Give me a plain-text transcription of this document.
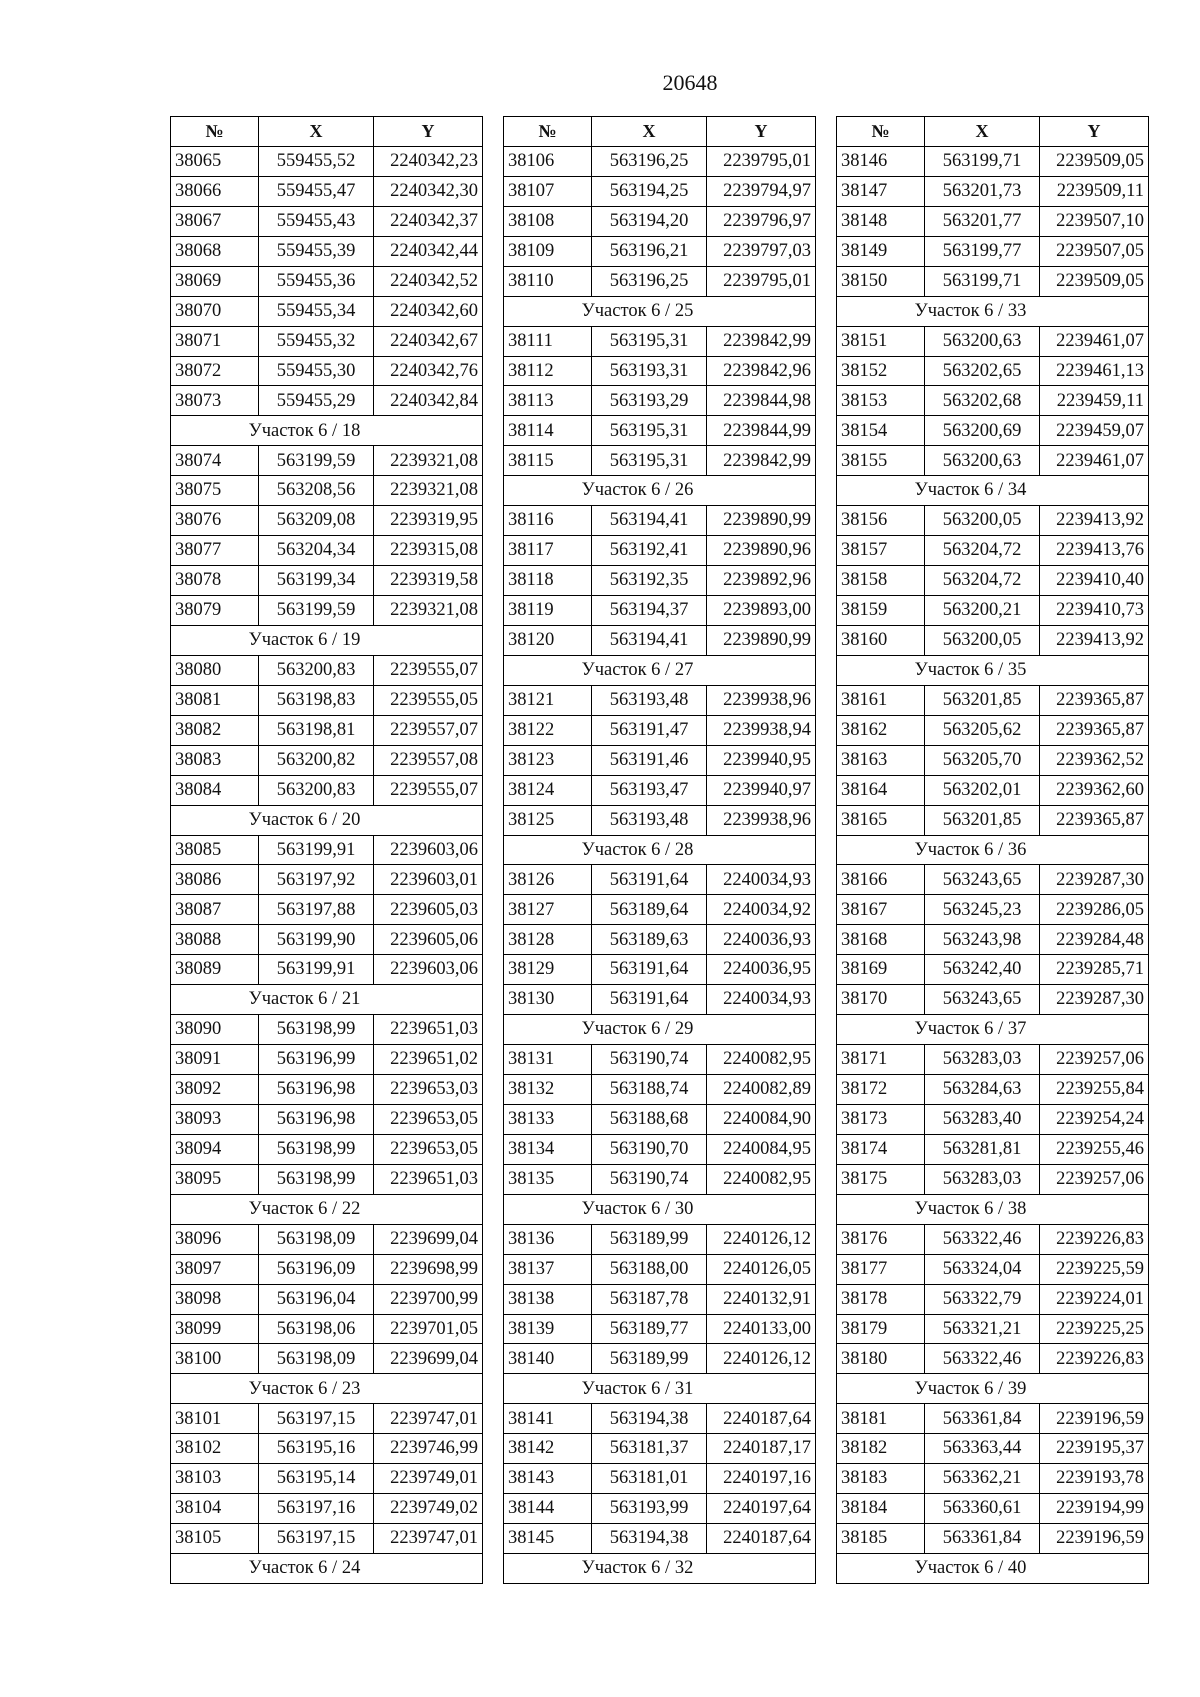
20648
№	X	Y
38065	559455,52	2240342,23
38066	559455,47	2240342,30
38067	559455,43	2240342,37
38068	559455,39	2240342,44
38069	559455,36	2240342,52
38070	559455,34	2240342,60
38071	559455,32	2240342,67
38072	559455,30	2240342,76
38073	559455,29	2240342,84
Участок 6 / 18		
38074	563199,59	2239321,08
38075	563208,56	2239321,08
38076	563209,08	2239319,95
38077	563204,34	2239315,08
38078	563199,34	2239319,58
38079	563199,59	2239321,08
Участок 6 / 19		
38080	563200,83	2239555,07
38081	563198,83	2239555,05
38082	563198,81	2239557,07
38083	563200,82	2239557,08
38084	563200,83	2239555,07
Участок 6 / 20		
38085	563199,91	2239603,06
38086	563197,92	2239603,01
38087	563197,88	2239605,03
38088	563199,90	2239605,06
38089	563199,91	2239603,06
Участок 6 / 21		
38090	563198,99	2239651,03
38091	563196,99	2239651,02
38092	563196,98	2239653,03
38093	563196,98	2239653,05
38094	563198,99	2239653,05
38095	563198,99	2239651,03
Участок 6 / 22		
38096	563198,09	2239699,04
38097	563196,09	2239698,99
38098	563196,04	2239700,99
38099	563198,06	2239701,05
38100	563198,09	2239699,04
Участок 6 / 23		
38101	563197,15	2239747,01
38102	563195,16	2239746,99
38103	563195,14	2239749,01
38104	563197,16	2239749,02
38105	563197,15	2239747,01
Участок 6 / 24		
№	X	Y
38106	563196,25	2239795,01
38107	563194,25	2239794,97
38108	563194,20	2239796,97
38109	563196,21	2239797,03
38110	563196,25	2239795,01
Участок 6 / 25		
38111	563195,31	2239842,99
38112	563193,31	2239842,96
38113	563193,29	2239844,98
38114	563195,31	2239844,99
38115	563195,31	2239842,99
Участок 6 / 26		
38116	563194,41	2239890,99
38117	563192,41	2239890,96
38118	563192,35	2239892,96
38119	563194,37	2239893,00
38120	563194,41	2239890,99
Участок 6 / 27		
38121	563193,48	2239938,96
38122	563191,47	2239938,94
38123	563191,46	2239940,95
38124	563193,47	2239940,97
38125	563193,48	2239938,96
Участок 6 / 28		
38126	563191,64	2240034,93
38127	563189,64	2240034,92
38128	563189,63	2240036,93
38129	563191,64	2240036,95
38130	563191,64	2240034,93
Участок 6 / 29		
38131	563190,74	2240082,95
38132	563188,74	2240082,89
38133	563188,68	2240084,90
38134	563190,70	2240084,95
38135	563190,74	2240082,95
Участок 6 / 30		
38136	563189,99	2240126,12
38137	563188,00	2240126,05
38138	563187,78	2240132,91
38139	563189,77	2240133,00
38140	563189,99	2240126,12
Участок 6 / 31		
38141	563194,38	2240187,64
38142	563181,37	2240187,17
38143	563181,01	2240197,16
38144	563193,99	2240197,64
38145	563194,38	2240187,64
Участок 6 / 32		
№	X	Y
38146	563199,71	2239509,05
38147	563201,73	2239509,11
38148	563201,77	2239507,10
38149	563199,77	2239507,05
38150	563199,71	2239509,05
Участок 6 / 33		
38151	563200,63	2239461,07
38152	563202,65	2239461,13
38153	563202,68	2239459,11
38154	563200,69	2239459,07
38155	563200,63	2239461,07
Участок 6 / 34		
38156	563200,05	2239413,92
38157	563204,72	2239413,76
38158	563204,72	2239410,40
38159	563200,21	2239410,73
38160	563200,05	2239413,92
Участок 6 / 35		
38161	563201,85	2239365,87
38162	563205,62	2239365,87
38163	563205,70	2239362,52
38164	563202,01	2239362,60
38165	563201,85	2239365,87
Участок 6 / 36		
38166	563243,65	2239287,30
38167	563245,23	2239286,05
38168	563243,98	2239284,48
38169	563242,40	2239285,71
38170	563243,65	2239287,30
Участок 6 / 37		
38171	563283,03	2239257,06
38172	563284,63	2239255,84
38173	563283,40	2239254,24
38174	563281,81	2239255,46
38175	563283,03	2239257,06
Участок 6 / 38		
38176	563322,46	2239226,83
38177	563324,04	2239225,59
38178	563322,79	2239224,01
38179	563321,21	2239225,25
38180	563322,46	2239226,83
Участок 6 / 39		
38181	563361,84	2239196,59
38182	563363,44	2239195,37
38183	563362,21	2239193,78
38184	563360,61	2239194,99
38185	563361,84	2239196,59
Участок 6 / 40		
